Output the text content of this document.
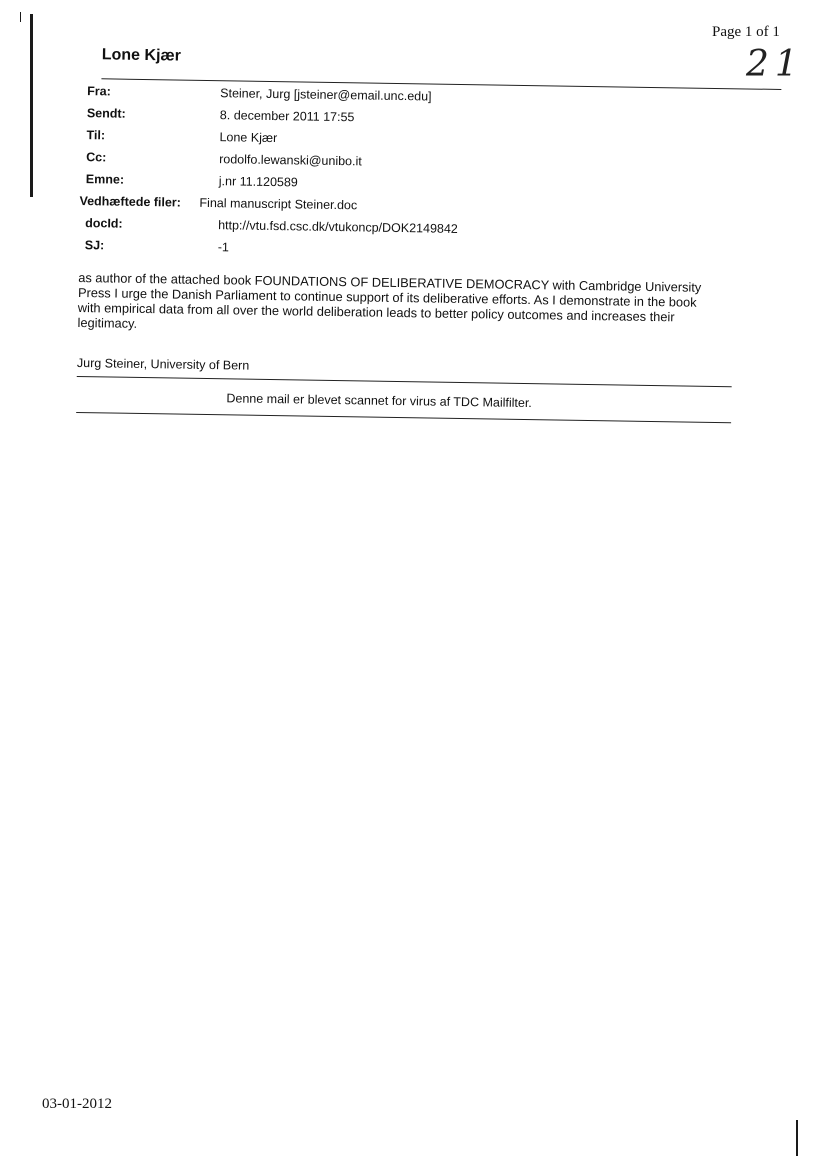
Page 1 of 1
21
Lone Kjær
Fra:	Steiner, Jurg [jsteiner@email.unc.edu]
Sendt:	8. december 2011 17:55
Til:	Lone Kjær
Cc:	rodolfo.lewanski@unibo.it
Emne:	j.nr 11.120589
Vedhæftede filer: Final manuscript Steiner.doc
docId:	http://vtu.fsd.csc.dk/vtukoncp/DOK2149842
SJ:	-1
as author of the attached book FOUNDATIONS OF DELIBERATIVE DEMOCRACY with Cambridge University Press I urge the Danish Parliament to continue support of its deliberative efforts. As I demonstrate in the book with empirical data from all over the world deliberation leads to better policy outcomes and increases their legitimacy.
Jurg Steiner, University of Bern
Denne mail er blevet scannet for virus af TDC Mailfilter.
03-01-2012
